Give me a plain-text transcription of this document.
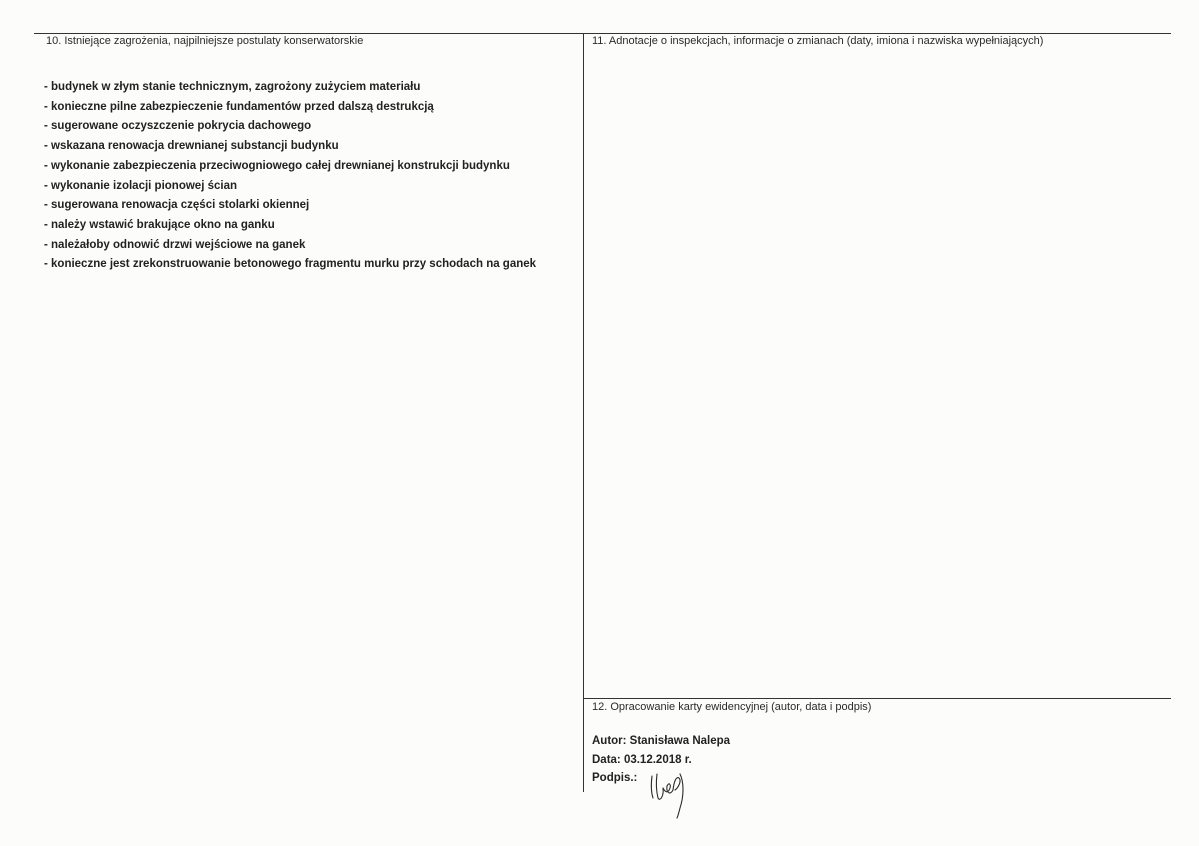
10. Istniejące zagrożenia, najpilniejsze postulaty konserwatorskie
- budynek w złym stanie technicznym, zagrożony zużyciem materiału
- konieczne pilne zabezpieczenie fundamentów przed dalszą destrukcją
- sugerowane oczyszczenie pokrycia dachowego
- wskazana renowacja drewnianej substancji budynku
- wykonanie zabezpieczenia przeciwogniowego całej drewnianej konstrukcji budynku
- wykonanie izolacji pionowej ścian
- sugerowana renowacja części stolarki okiennej
- należy wstawić brakujące okno na ganku
- należałoby odnowić drzwi wejściowe na ganek
- konieczne jest zrekonstruowanie betonowego fragmentu murku przy schodach na ganek
11. Adnotacje o inspekcjach, informacje o zmianach (daty, imiona i nazwiska wypełniających)
12. Opracowanie karty ewidencyjnej (autor, data i podpis)
Autor: Stanisława Nalepa
Data: 03.12.2018 r.
Podpis.:
